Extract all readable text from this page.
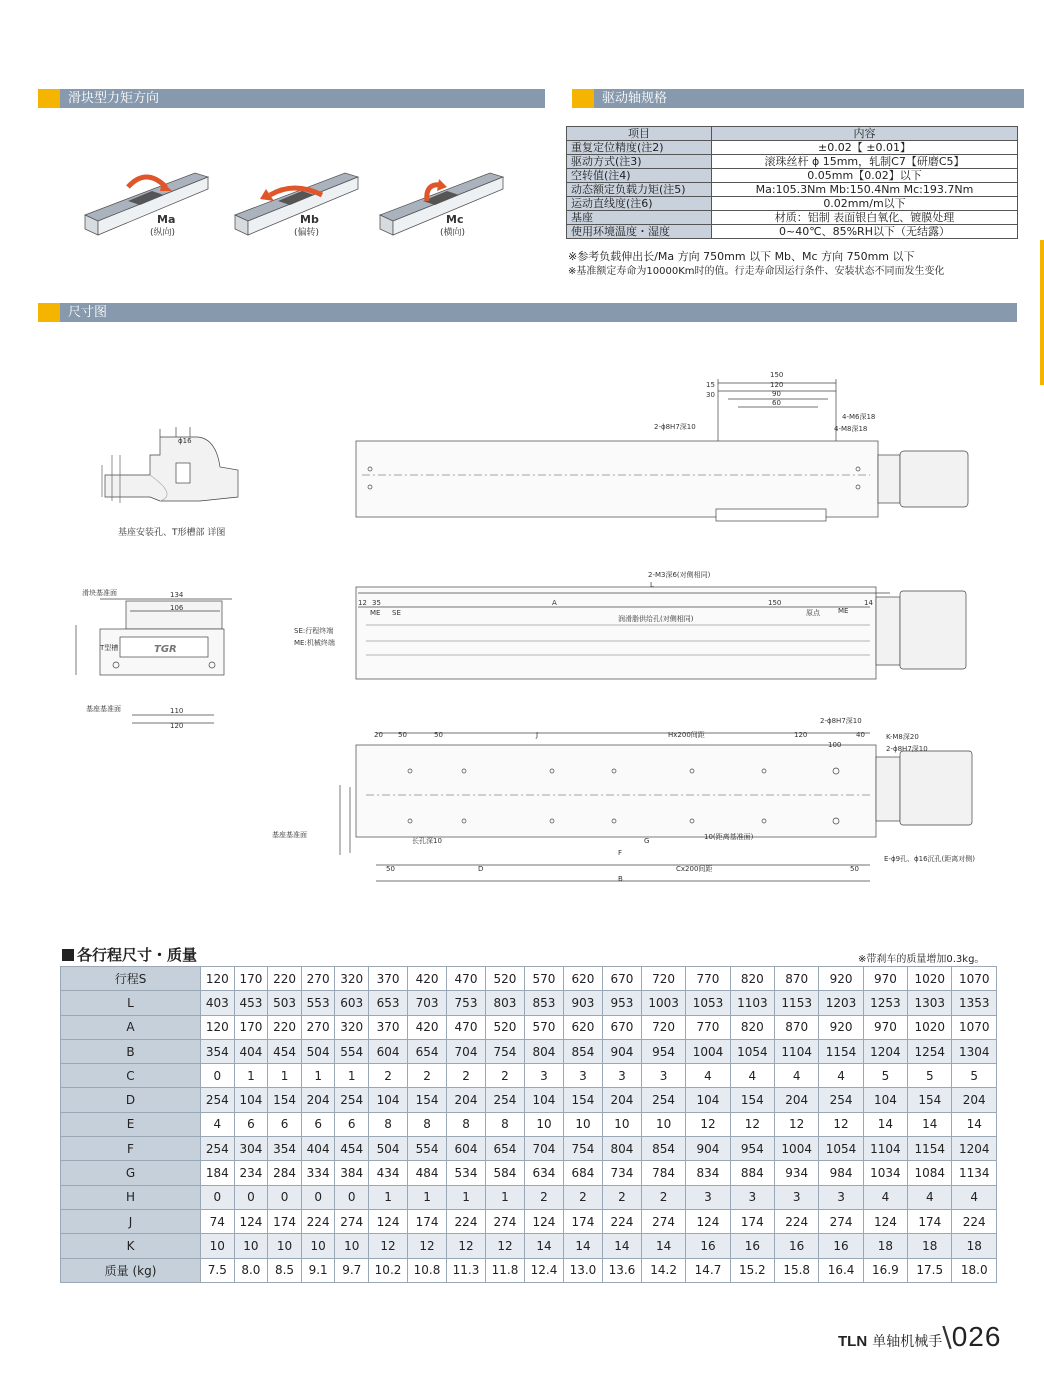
滑块型力矩方向	驱动轴规格
尺寸图
Ma
(纵向)
Mb
(偏转)
Mc
(横向)
项目	内容
重复定位精度(注2)	±0.02【 ±0.01】
驱动方式(注3)	滚珠丝杆 ϕ 15mm，轧制C7【研磨C5】
空转值(注4)	0.05mm【0.02】以下
动态额定负载力矩(注5)	Ma:105.3Nm Mb:150.4Nm Mc:193.7Nm
运动直线度(注6)	0.02mm/m以下
基座	材质：铝制 表面银白氧化、镀膜处理
使用环境温度・湿度	0~40℃、85%RH以下（无结露）
※参考负载伸出长/Ma 方向 750mm 以下 Mb、Mc 方向 750mm 以下
※基准额定寿命为10000Km时的值。行走寿命因运行条件、安装状态不同而发生变化
ϕ16
基座安装孔、T形槽部 详图
TGR
滑块基准面	134
106
T型槽
基座基准面	110
120
150
120
90
60
15
30
2-ϕ8H7深10
4-M6深18
4-M8深18
L
A
12 35
ME SE
150
原点	ME
14
2-M3深6(对侧相同)
润滑脂供给孔(对侧相同)
SE:行程终端
ME:机械终端
20 50	50	J	Hx200间距	120	40
100
2-ϕ8H7深10
K-M8深20
2-ϕ8H7深10
长孔深10	10(距离基准面)
G
F
50	D	Cx200间距	50
B
基座基准面
E-ϕ9孔、ϕ16沉孔(距离对侧)
各行程尺寸・质量	※带刹车的质量增加0.3kg。
行程S	120	170	220	270	320	370	420	470	520	570	620	670	720	770	820	870	920	970	1020	1070
L	403	453	503	553	603	653	703	753	803	853	903	953	1003	1053	1103	1153	1203	1253	1303	1353
A	120	170	220	270	320	370	420	470	520	570	620	670	720	770	820	870	920	970	1020	1070
B	354	404	454	504	554	604	654	704	754	804	854	904	954	1004	1054	1104	1154	1204	1254	1304
C	0	1	1	1	1	2	2	2	2	3	3	3	3	4	4	4	4	5	5	5
D	254	104	154	204	254	104	154	204	254	104	154	204	254	104	154	204	254	104	154	204
E	4	6	6	6	6	8	8	8	8	10	10	10	10	12	12	12	12	14	14	14
F	254	304	354	404	454	504	554	604	654	704	754	804	854	904	954	1004	1054	1104	1154	1204
G	184	234	284	334	384	434	484	534	584	634	684	734	784	834	884	934	984	1034	1084	1134
H	0	0	0	0	0	1	1	1	1	2	2	2	2	3	3	3	3	4	4	4
J	74	124	174	224	274	124	174	224	274	124	174	224	274	124	174	224	274	124	174	224
K	10	10	10	10	10	12	12	12	12	14	14	14	14	16	16	16	16	18	18	18
质量 (kg)	7.5	8.0	8.5	9.1	9.7	10.2	10.8	11.3	11.8	12.4	13.0	13.6	14.2	14.7	15.2	15.8	16.4	16.9	17.5	18.0
TLN 单轴机械手\026
